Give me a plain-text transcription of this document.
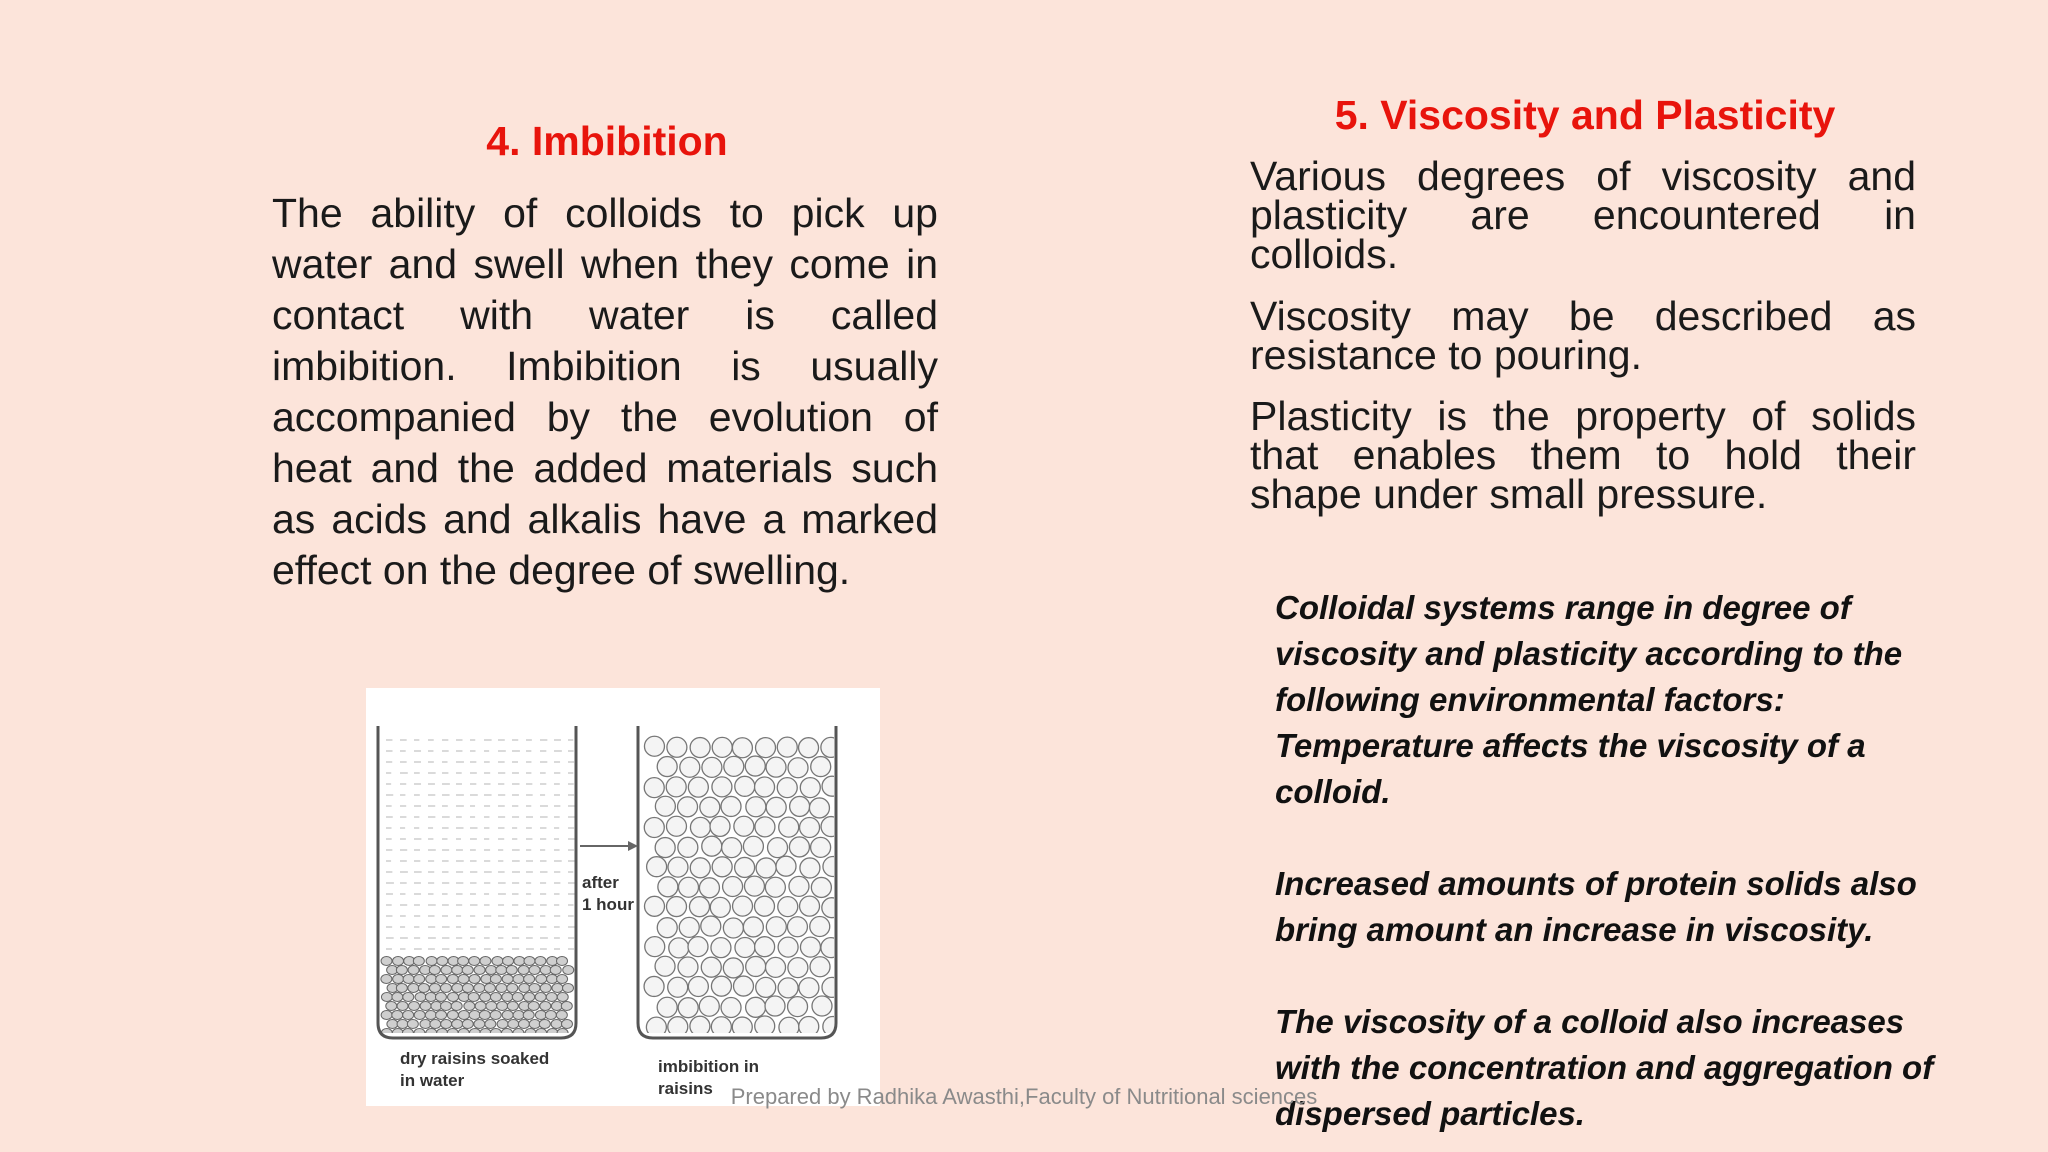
4. Imbibition

The ability of colloids to pick up water and swell when they come in contact with water is called imbibition. Imbibition is usually accompanied by the evolution of heat and the added materials such as acids and alkalis have a marked effect on the degree of swelling.

after
1 hour
dry raisins soaked
in water
imbibition in
raisins
5. Viscosity and Plasticity

Various degrees of viscosity and plasticity are encountered in colloids.

Viscosity may be described as resistance to pouring.

Plasticity is the property of solids that enables them to hold their shape under small pressure.

Colloidal systems range in degree of viscosity and plasticity according to the following environmental factors: Temperature affects the viscosity of a colloid.

Increased amounts of protein solids also bring amount an increase in viscosity.

The viscosity of a colloid also increases with the concentration and aggregation of dispersed particles.

Prepared by Radhika Awasthi,Faculty of Nutritional sciences
